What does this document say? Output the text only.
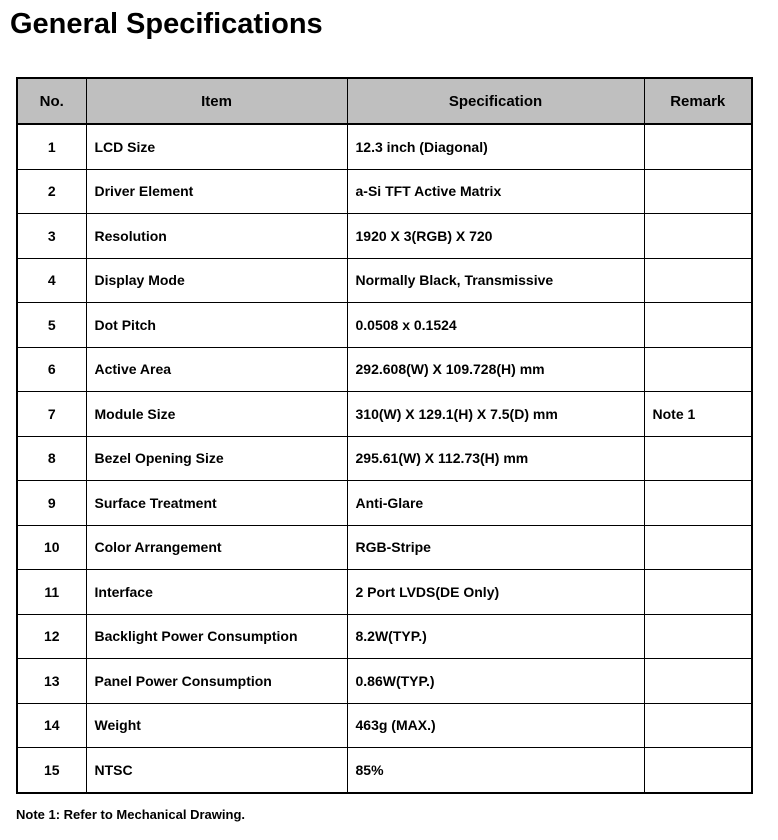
General Specifications
No.	Item	Specification	Remark
1	LCD Size	12.3 inch (Diagonal)	
2	Driver Element	a-Si TFT Active Matrix	
3	Resolution	1920 X 3(RGB) X 720	
4	Display Mode	Normally Black, Transmissive	
5	Dot Pitch	0.0508 x 0.1524	
6	Active Area	292.608(W) X 109.728(H) mm	
7	Module Size	310(W) X 129.1(H) X 7.5(D) mm	Note 1
8	Bezel Opening Size	295.61(W) X 112.73(H) mm	
9	Surface Treatment	Anti-Glare	
10	Color Arrangement	RGB-Stripe	
11	Interface	2 Port LVDS(DE Only)	
12	Backlight Power Consumption	8.2W(TYP.)	
13	Panel Power Consumption	0.86W(TYP.)	
14	Weight	463g (MAX.)	
15	NTSC	85%	
Note 1: Refer to Mechanical Drawing.
